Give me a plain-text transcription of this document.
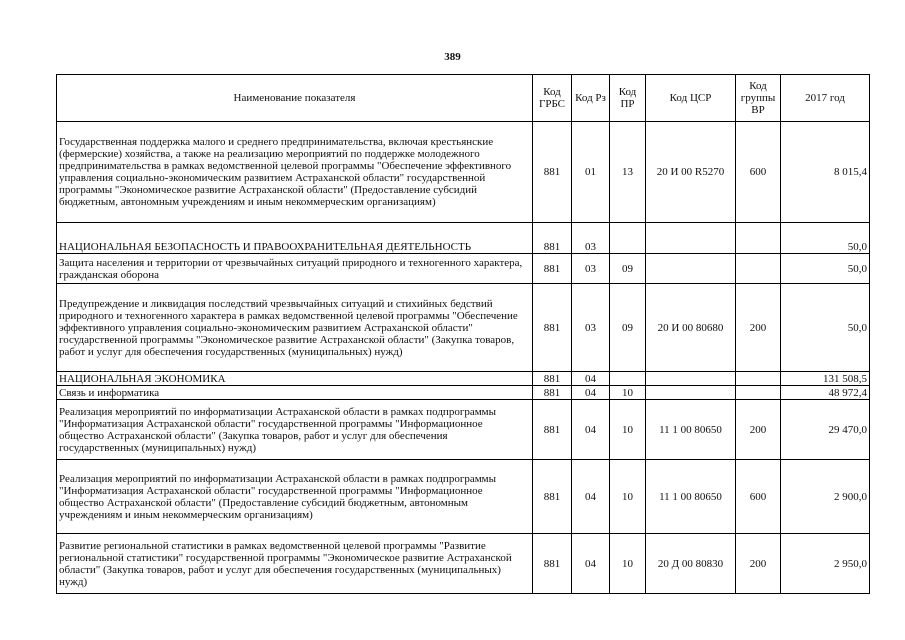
389
Наименование показателя	Код ГРБС	Код Рз	Код ПР	Код ЦСР	Код группы ВР	2017 год
Государственная поддержка малого и среднего предпринимательства, включая крестьянские (фермерские) хозяйства, а также на реализацию мероприятий по поддержке молодежного предпринимательства в рамках ведомственной целевой программы "Обеспечение эффективного управления социально-экономическим развитием Астраханской области" государственной программы "Экономическое развитие Астраханской области" (Предоставление субсидий бюджетным, автономным учреждениям и иным некоммерческим организациям)	881	01	13	20 И 00 R5270	600	8 015,4
НАЦИОНАЛЬНАЯ БЕЗОПАСНОСТЬ И ПРАВООХРАНИТЕЛЬНАЯ ДЕЯТЕЛЬНОСТЬ	881	03				50,0
Защита населения и территории от чрезвычайных ситуаций природного и техногенного характера, гражданская оборона	881	03	09			50,0
Предупреждение и ликвидация последствий чрезвычайных ситуаций и стихийных бедствий природного и техногенного характера в рамках ведомственной целевой программы "Обеспечение эффективного управления социально-экономическим развитием Астраханской области" государственной программы "Экономическое развитие Астраханской области" (Закупка товаров, работ и услуг для обеспечения государственных (муниципальных) нужд)	881	03	09	20 И 00 80680	200	50,0
НАЦИОНАЛЬНАЯ ЭКОНОМИКА	881	04				131 508,5
Связь и информатика	881	04	10			48 972,4
Реализация мероприятий по информатизации Астраханской области в рамках подпрограммы "Информатизация Астраханской области" государственной программы "Информационное общество Астраханской области" (Закупка товаров, работ и услуг для обеспечения государственных (муниципальных) нужд)	881	04	10	11 1 00 80650	200	29 470,0
Реализация мероприятий по информатизации Астраханской области в рамках подпрограммы "Информатизация Астраханской области" государственной программы "Информационное общество Астраханской области" (Предоставление субсидий бюджетным, автономным учреждениям и иным некоммерческим организациям)	881	04	10	11 1 00 80650	600	2 900,0
Развитие региональной статистики в рамках ведомственной целевой программы "Развитие региональной статистики" государственной программы "Экономическое развитие Астраханской области" (Закупка товаров, работ и услуг для обеспечения государственных (муниципальных) нужд)	881	04	10	20 Д 00 80830	200	2 950,0
